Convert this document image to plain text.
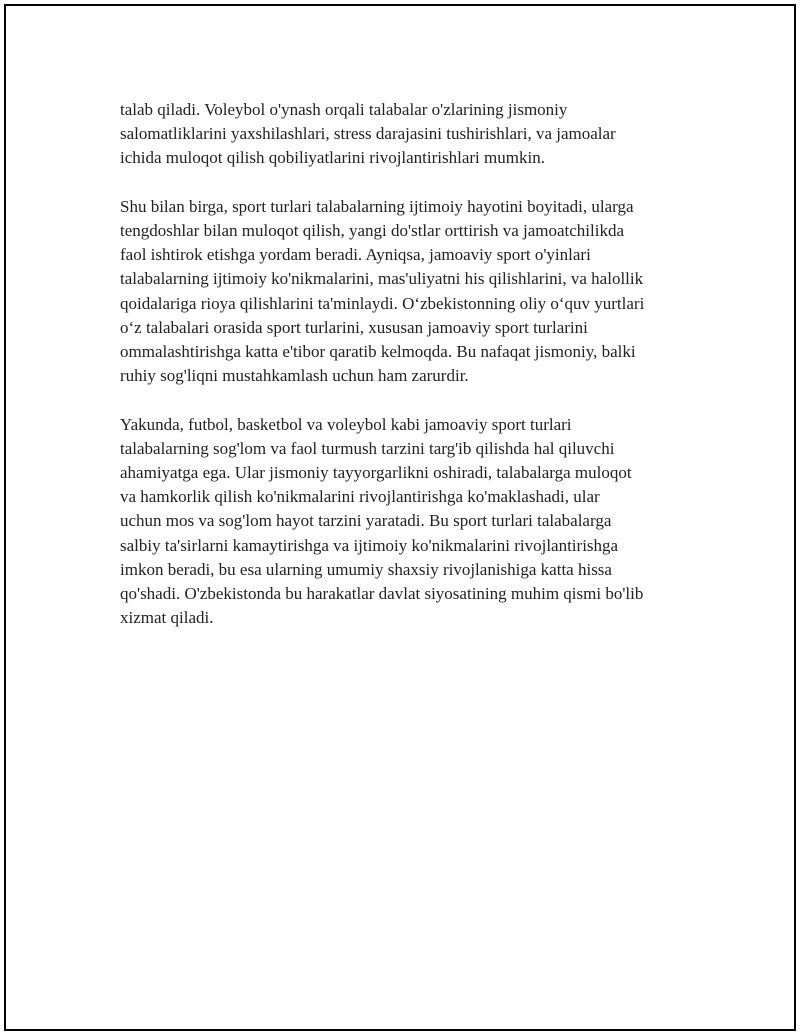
talab qiladi. Voleybol o'ynash orqali talabalar o'zlarining jismoniy
salomatliklarini yaxshilashlari, stress darajasini tushirishlari, va jamoalar
ichida muloqot qilish qobiliyatlarini rivojlantirishlari mumkin.

Shu bilan birga, sport turlari talabalarning ijtimoiy hayotini boyitadi, ularga
tengdoshlar bilan muloqot qilish, yangi do'stlar orttirish va jamoatchilikda
faol ishtirok etishga yordam beradi. Ayniqsa, jamoaviy sport o'yinlari
talabalarning ijtimoiy ko'nikmalarini, mas'uliyatni his qilishlarini, va halollik
qoidalariga rioya qilishlarini ta'minlaydi. O‘zbekistonning oliy o‘quv yurtlari
o‘z talabalari orasida sport turlarini, xususan jamoaviy sport turlarini
ommalashtirishga katta e'tibor qaratib kelmoqda. Bu nafaqat jismoniy, balki
ruhiy sog'liqni mustahkamlash uchun ham zarurdir.

Yakunda, futbol, basketbol va voleybol kabi jamoaviy sport turlari
talabalarning sog'lom va faol turmush tarzini targ'ib qilishda hal qiluvchi
ahamiyatga ega. Ular jismoniy tayyorgarlikni oshiradi, talabalarga muloqot
va hamkorlik qilish ko'nikmalarini rivojlantirishga ko'maklashadi, ular
uchun mos va sog'lom hayot tarzini yaratadi. Bu sport turlari talabalarga
salbiy ta'sirlarni kamaytirishga va ijtimoiy ko'nikmalarini rivojlantirishga
imkon beradi, bu esa ularning umumiy shaxsiy rivojlanishiga katta hissa
qo'shadi. O'zbekistonda bu harakatlar davlat siyosatining muhim qismi bo'lib
xizmat qiladi.
